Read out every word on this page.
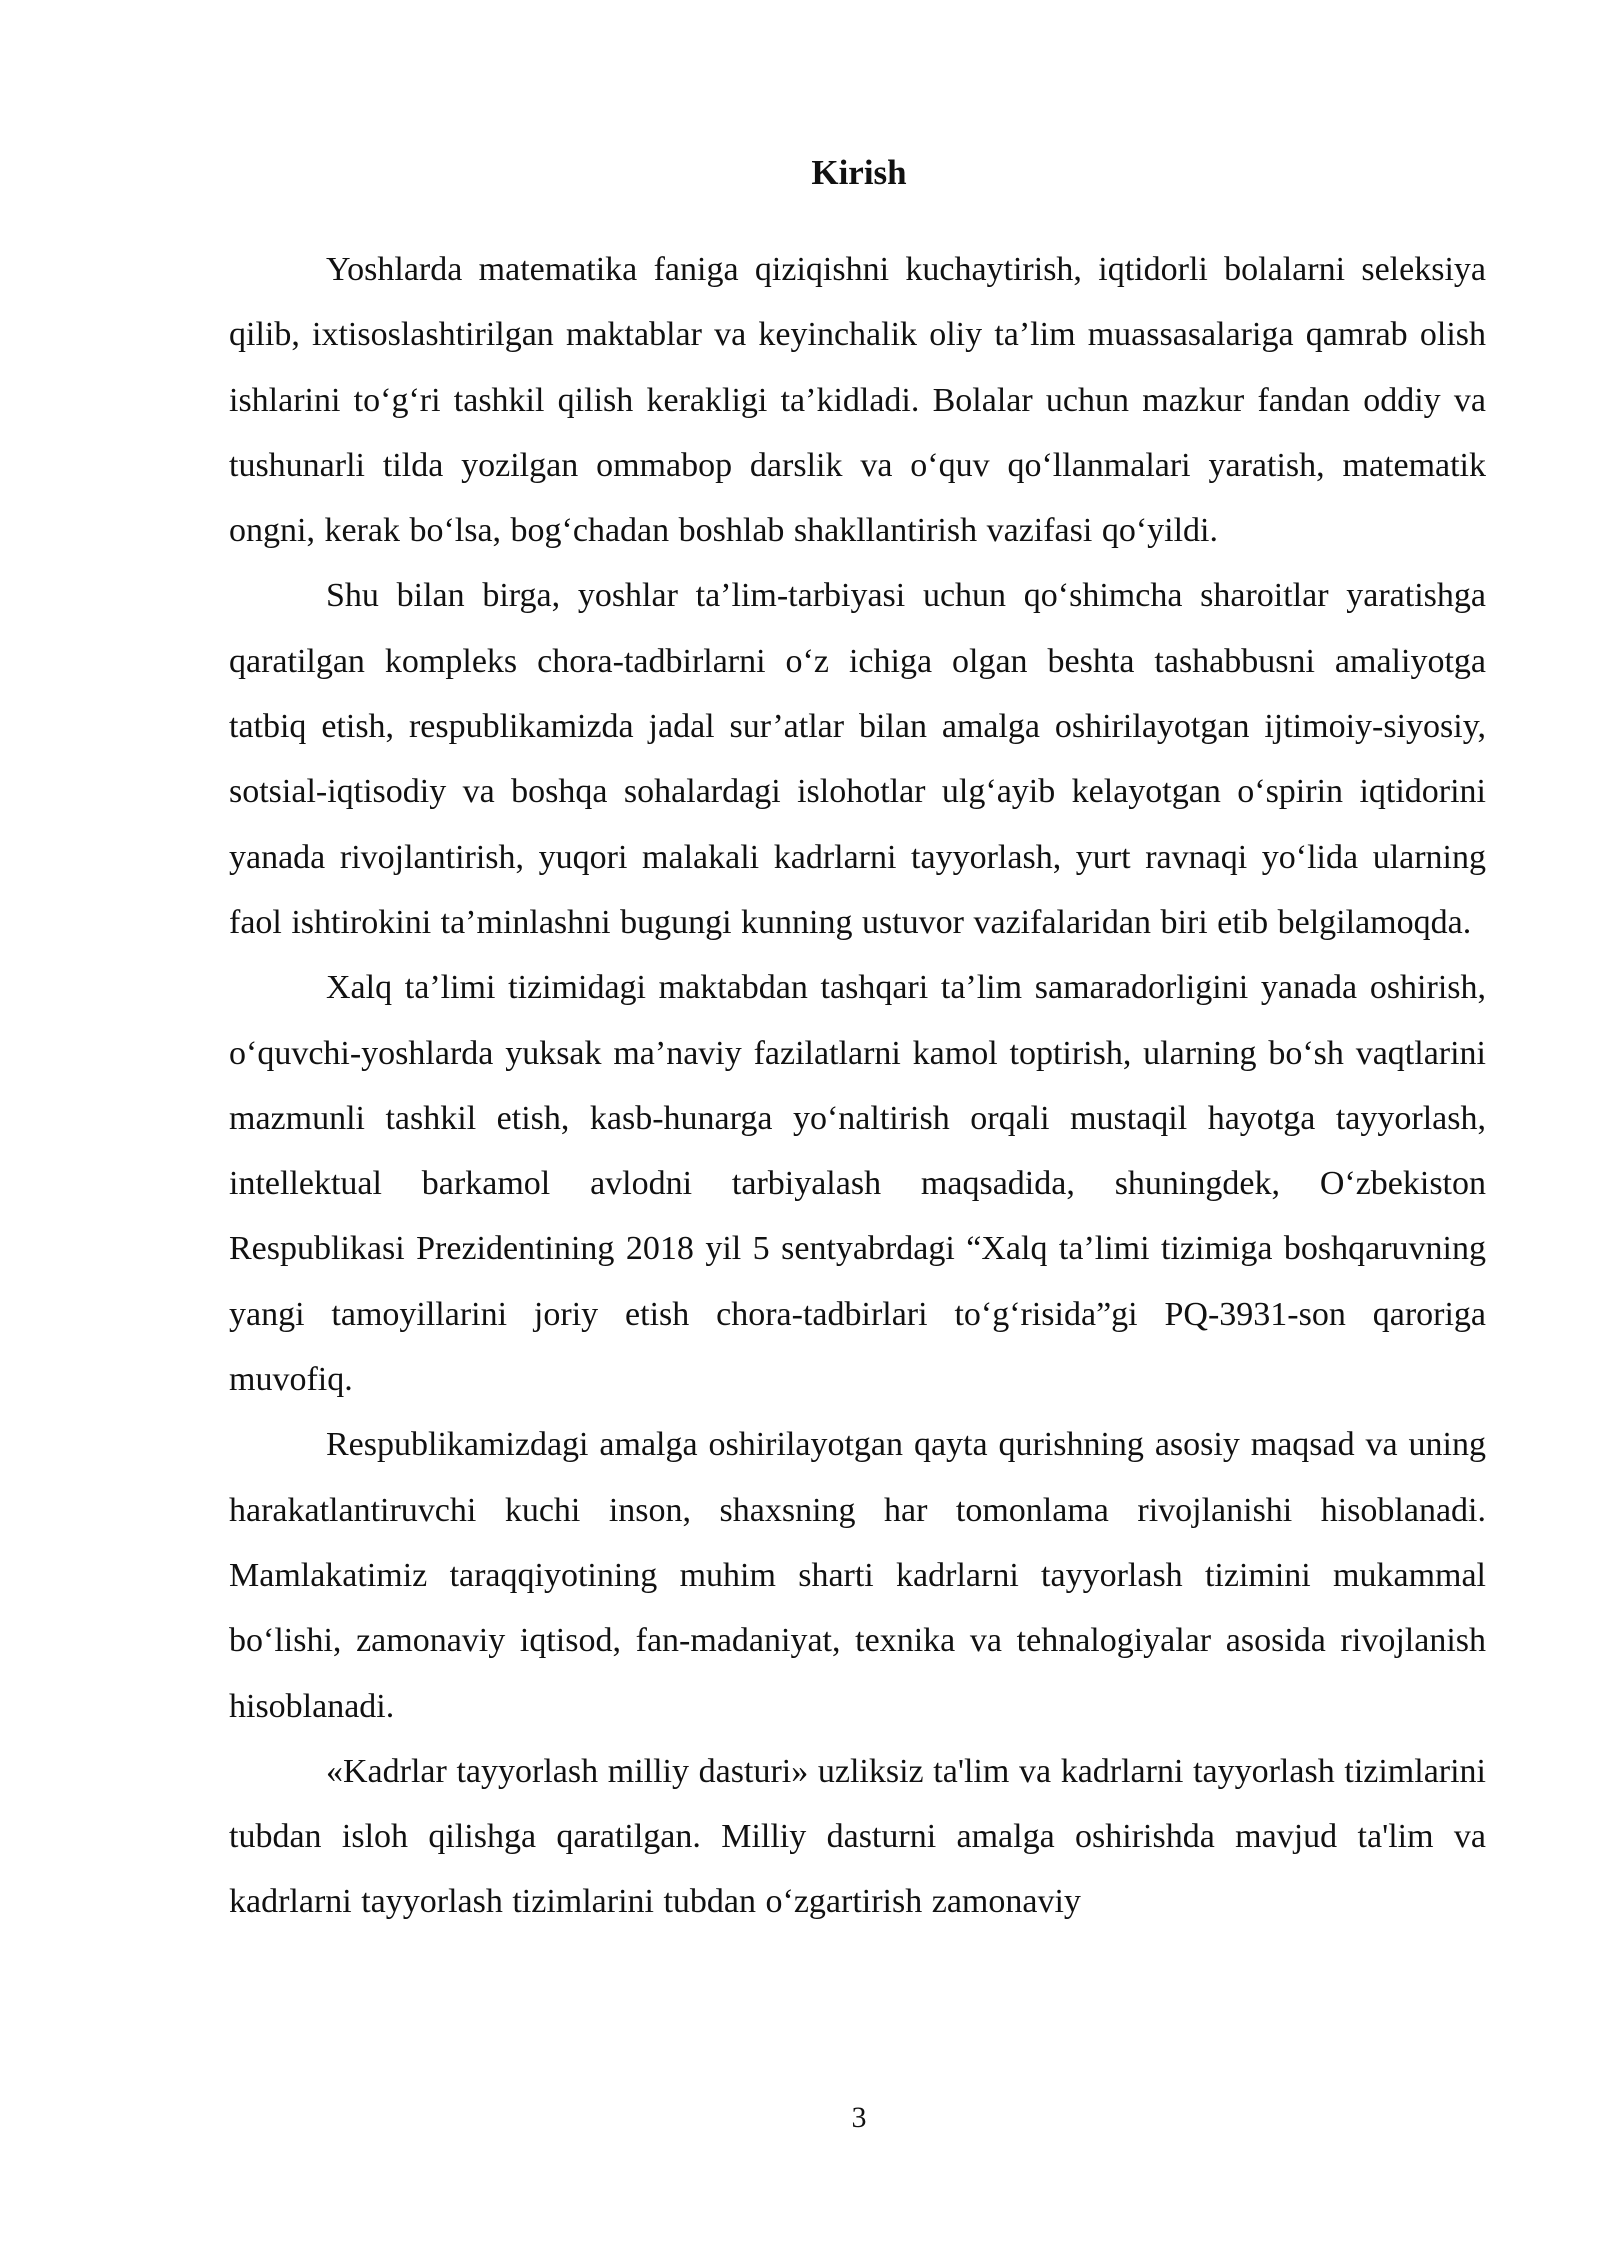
Kirish

Yoshlarda matematika faniga qiziqishni kuchaytirish, iqtidorli bolalarni seleksiya qilib, ixtisoslashtirilgan maktablar va keyinchalik oliy ta’lim muassasalariga qamrab olish ishlarini to‘g‘ri tashkil qilish kerakligi ta’kidladi. Bolalar uchun mazkur fandan oddiy va tushunarli tilda yozilgan ommabop darslik va o‘quv qo‘llanmalari yaratish, matematik ongni, kerak bo‘lsa, bog‘chadan boshlab shakllantirish vazifasi qo‘yildi.

Shu bilan birga, yoshlar ta’lim-tarbiyasi uchun qo‘shimcha sharoitlar yaratishga qaratilgan kompleks chora-tadbirlarni o‘z ichiga olgan beshta tashabbusni amaliyotga tatbiq etish, respublikamizda jadal sur’atlar bilan amalga oshirilayotgan ijtimoiy-siyosiy, sotsial-iqtisodiy va boshqa sohalardagi islohotlar ulg‘ayib kelayotgan o‘spirin iqtidorini yanada rivojlantirish, yuqori malakali kadrlarni tayyorlash, yurt ravnaqi yo‘lida ularning faol ishtirokini ta’minlashni bugungi kunning ustuvor vazifalaridan biri etib belgilamoqda.

Xalq ta’limi tizimidagi maktabdan tashqari ta’lim samaradorligini yanada oshirish, o‘quvchi-yoshlarda yuksak ma’naviy fazilatlarni kamol toptirish, ularning bo‘sh vaqtlarini mazmunli tashkil etish, kasb-hunarga yo‘naltirish orqali mustaqil hayotga tayyorlash, intellektual barkamol avlodni tarbiyalash maqsadida, shuningdek, O‘zbekiston Respublikasi Prezidentining 2018 yil 5 sentyabrdagi “Xalq ta’limi tizimiga boshqaruvning yangi tamoyillarini joriy etish chora-tadbirlari to‘g‘risida”gi PQ-3931-son qaroriga muvofiq.

Respublikamizdagi amalga oshirilayotgan qayta qurishning asosiy maqsad va uning harakatlantiruvchi kuchi inson, shaxsning har tomonlama rivojlanishi hisoblanadi. Mamlakatimiz taraqqiyotining muhim sharti kadrlarni tayyorlash tizimini mukammal bo‘lishi, zamonaviy iqtisod, fan-madaniyat, texnika va tehnalogiyalar asosida rivojlanish hisoblanadi.

«Kadrlar tayyorlash milliy dasturi» uzliksiz ta'lim va kadrlarni tayyorlash tizimlarini tubdan isloh qilishga qaratilgan. Milliy dasturni amalga oshirishda mavjud ta'lim va kadrlarni tayyorlash tizimlarini tubdan o‘zgartirish zamonaviy

3
